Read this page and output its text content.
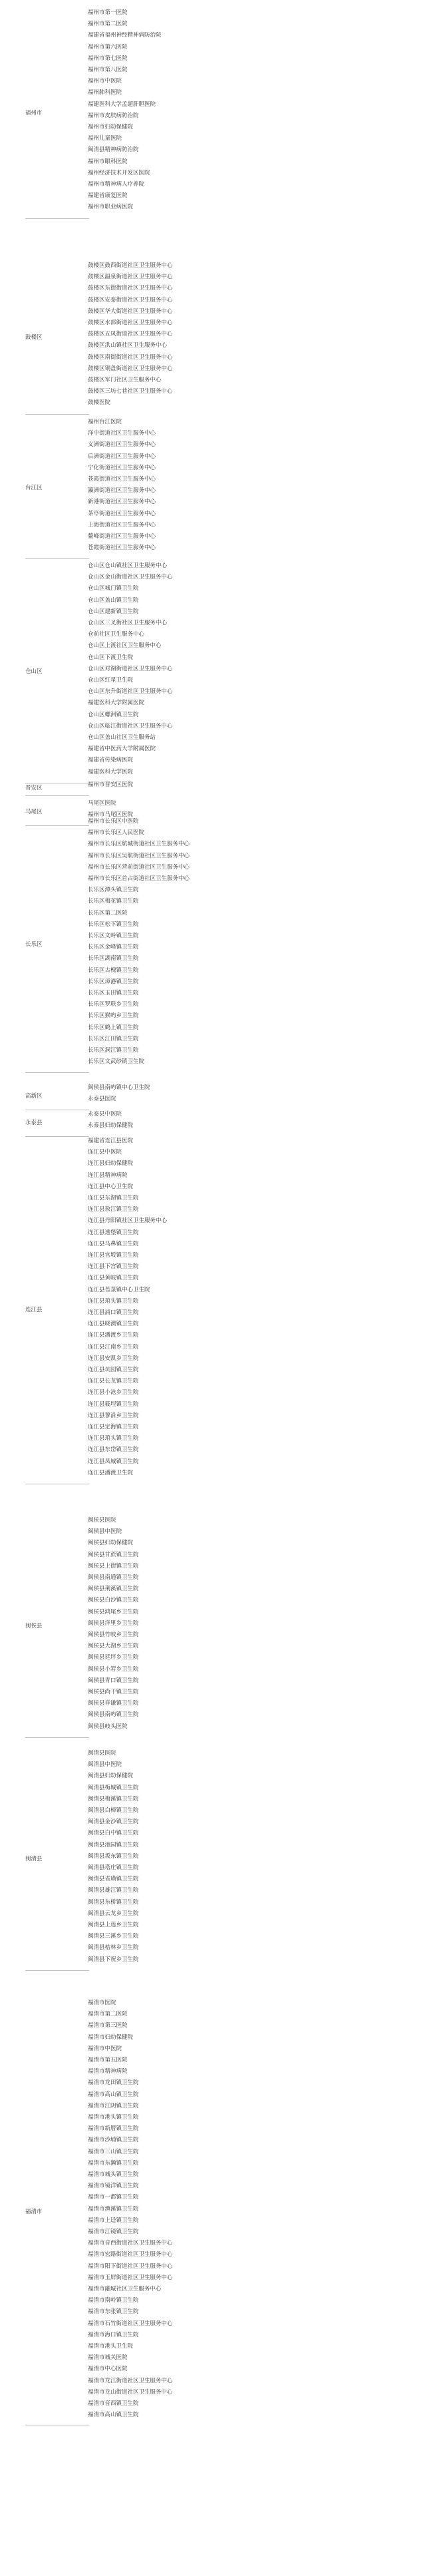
福州市
福州市第一医院
福州市第二医院
福建省福州神经精神病防治院
福州市第六医院
福州市第七医院
福州市第八医院
福州市中医院
福州肺科医院
福建医科大学孟超肝胆医院
福州市皮肤病防治院
福州市妇幼保健院
福州儿童医院
闽清县精神病防治院
福州市眼科医院
福州经济技术开发区医院
福州市精神病人疗养院
福建省康复医院
福州市职业病医院
鼓楼区
鼓楼区鼓西街道社区卫生服务中心
鼓楼区温泉街道社区卫生服务中心
鼓楼区东街街道社区卫生服务中心
鼓楼区安泰街道社区卫生服务中心
鼓楼区华大街道社区卫生服务中心
鼓楼区水部街道社区卫生服务中心
鼓楼区五凤街道社区卫生服务中心
鼓楼区洪山镇社区卫生服务中心
鼓楼区南街街道社区卫生服务中心
鼓楼区铜盘街道社区卫生服务中心
鼓楼区军门社区卫生服务中心
鼓楼区三坊七巷社区卫生服务中心
鼓楼医院
台江区
福州台江医院
洋中街道社区卫生服务中心
义洲街道社区卫生服务中心
后洲街道社区卫生服务中心
宁化街道社区卫生服务中心
苍霞街道社区卫生服务中心
瀛洲街道社区卫生服务中心
新港街道社区卫生服务中心
茶亭街道社区卫生服务中心
上海街道社区卫生服务中心
鳌峰街道社区卫生服务中心
苍霞街道社区卫生服务中心
仓山区
仓山区仓山镇社区卫生服务中心
仓山区金山街道社区卫生服务中心
仓山区城门镇卫生院
仓山区盖山镇卫生院
仓山区建新镇卫生院
仓山区三叉街社区卫生服务中心
仓前社区卫生服务中心
仓山区上渡社区卫生服务中心
仓山区下渡卫生院
仓山区对湖街道社区卫生服务中心
仓山区红星卫生院
仓山区东升街道社区卫生服务中心
福建医科大学附属医院
仓山区螺洲镇卫生院
仓山区临江街道社区卫生服务中心
仓山区盖山社区卫生服务站
福建省中医药大学附属医院
福建省传染病医院
福建医科大学医院
晋安区	福州市晋安区医院
马尾区
马尾区医院
福州市马尾区医院
长乐区
福州市长乐区中医院
福州市长乐区人民医院
福州市长乐区航城街道社区卫生服务中心
福州市长乐区吴航街道社区卫生服务中心
福州市长乐区营前街道社区卫生服务中心
福州市长乐区首占街道社区卫生服务中心
长乐区潭头镇卫生院
长乐区梅花镇卫生院
长乐区第二医院
长乐区松下镇卫生院
长乐区文岭镇卫生院
长乐区金峰镇卫生院
长乐区湖南镇卫生院
长乐区古槐镇卫生院
长乐区漳港镇卫生院
长乐区玉田镇卫生院
长乐区罗联乡卫生院
长乐区猴屿乡卫生院
长乐区鹤上镇卫生院
长乐区江田镇卫生院
长乐区洞江镇卫生院
长乐区文武砂镇卫生院
高新区
闽侯县南屿镇中心卫生院
永泰县医院
永泰县
永泰县中医院
永泰县妇幼保健院
连江县
福建省连江县医院
连江县中医院
连江县妇幼保健院
连江县精神病院
连江县中心卫生院
连江县东湖镇卫生院
连江县敖江镇卫生院
连江县丹阳镇社区卫生服务中心
连江县透堡镇卫生院
连江县马鼻镇卫生院
连江县官坂镇卫生院
连江县下宫镇卫生院
连江县黄岐镇卫生院
连江县苔菉镇中心卫生院
连江县琯头镇卫生院
连江县浦口镇卫生院
连江县晓澳镇卫生院
连江县潘渡乡卫生院
连江县江南乡卫生院
连江县安凯乡卫生院
连江县坑园镇卫生院
连江县长龙镇卫生院
连江县小沧乡卫生院
连江县筱埕镇卫生院
连江县蓼沿乡卫生院
连江县定海镇卫生院
连江县琯头镇卫生院
连江县东岱镇卫生院
连江县凤城镇卫生院
连江县潘渡卫生院
闽侯县
闽侯县医院
闽侯县中医院
闽侯县妇幼保健院
闽侯县甘蔗镇卫生院
闽侯县上街镇卫生院
闽侯县南通镇卫生院
闽侯县荆溪镇卫生院
闽侯县白沙镇卫生院
闽侯县鸿尾乡卫生院
闽侯县洋里乡卫生院
闽侯县竹岐乡卫生院
闽侯县大湖乡卫生院
闽侯县廷坪乡卫生院
闽侯县小箬乡卫生院
闽侯县青口镇卫生院
闽侯县尚干镇卫生院
闽侯县祥谦镇卫生院
闽侯县南屿镇卫生院
闽侯县岐头医院
闽清县
闽清县医院
闽清县中医院
闽清县妇幼保健院
闽清县梅城镇卫生院
闽清县梅溪镇卫生院
闽清县白樟镇卫生院
闽清县金沙镇卫生院
闽清县白中镇卫生院
闽清县池园镇卫生院
闽清县坂东镇卫生院
闽清县塔庄镇卫生院
闽清县省璜镇卫生院
闽清县雄江镇卫生院
闽清县东桥镇卫生院
闽清县云龙乡卫生院
闽清县上莲乡卫生院
闽清县三溪乡卫生院
闽清县桔林乡卫生院
闽清县下祝乡卫生院
福清市
福清市医院
福清市第二医院
福清市第三医院
福清市妇幼保健院
福清市中医院
福清市第五医院
福清市精神病院
福清市龙田镇卫生院
福清市高山镇卫生院
福清市江阴镇卫生院
福清市港头镇卫生院
福清市新厝镇卫生院
福清市沙埔镇卫生院
福清市三山镇卫生院
福清市东瀚镇卫生院
福清市城头镇卫生院
福清市镜洋镇卫生院
福清市一都镇卫生院
福清市渔溪镇卫生院
福清市上迳镇卫生院
福清市江镜镇卫生院
福清市音西街道社区卫生服务中心
福清市宏路街道社区卫生服务中心
福清市阳下街道社区卫生服务中心
福清市玉屏街道社区卫生服务中心
福清市融城社区卫生服务中心
福清市南岭镇卫生院
福清市东张镇卫生院
福清市石竹街道社区卫生服务中心
福清市海口镇卫生院
福清市港头卫生院
福清市城关医院
福清市中心医院
福清市龙江街道社区卫生服务中心
福清市龙山街道社区卫生服务中心
福清市音西镇卫生院
福清市高山镇卫生院
